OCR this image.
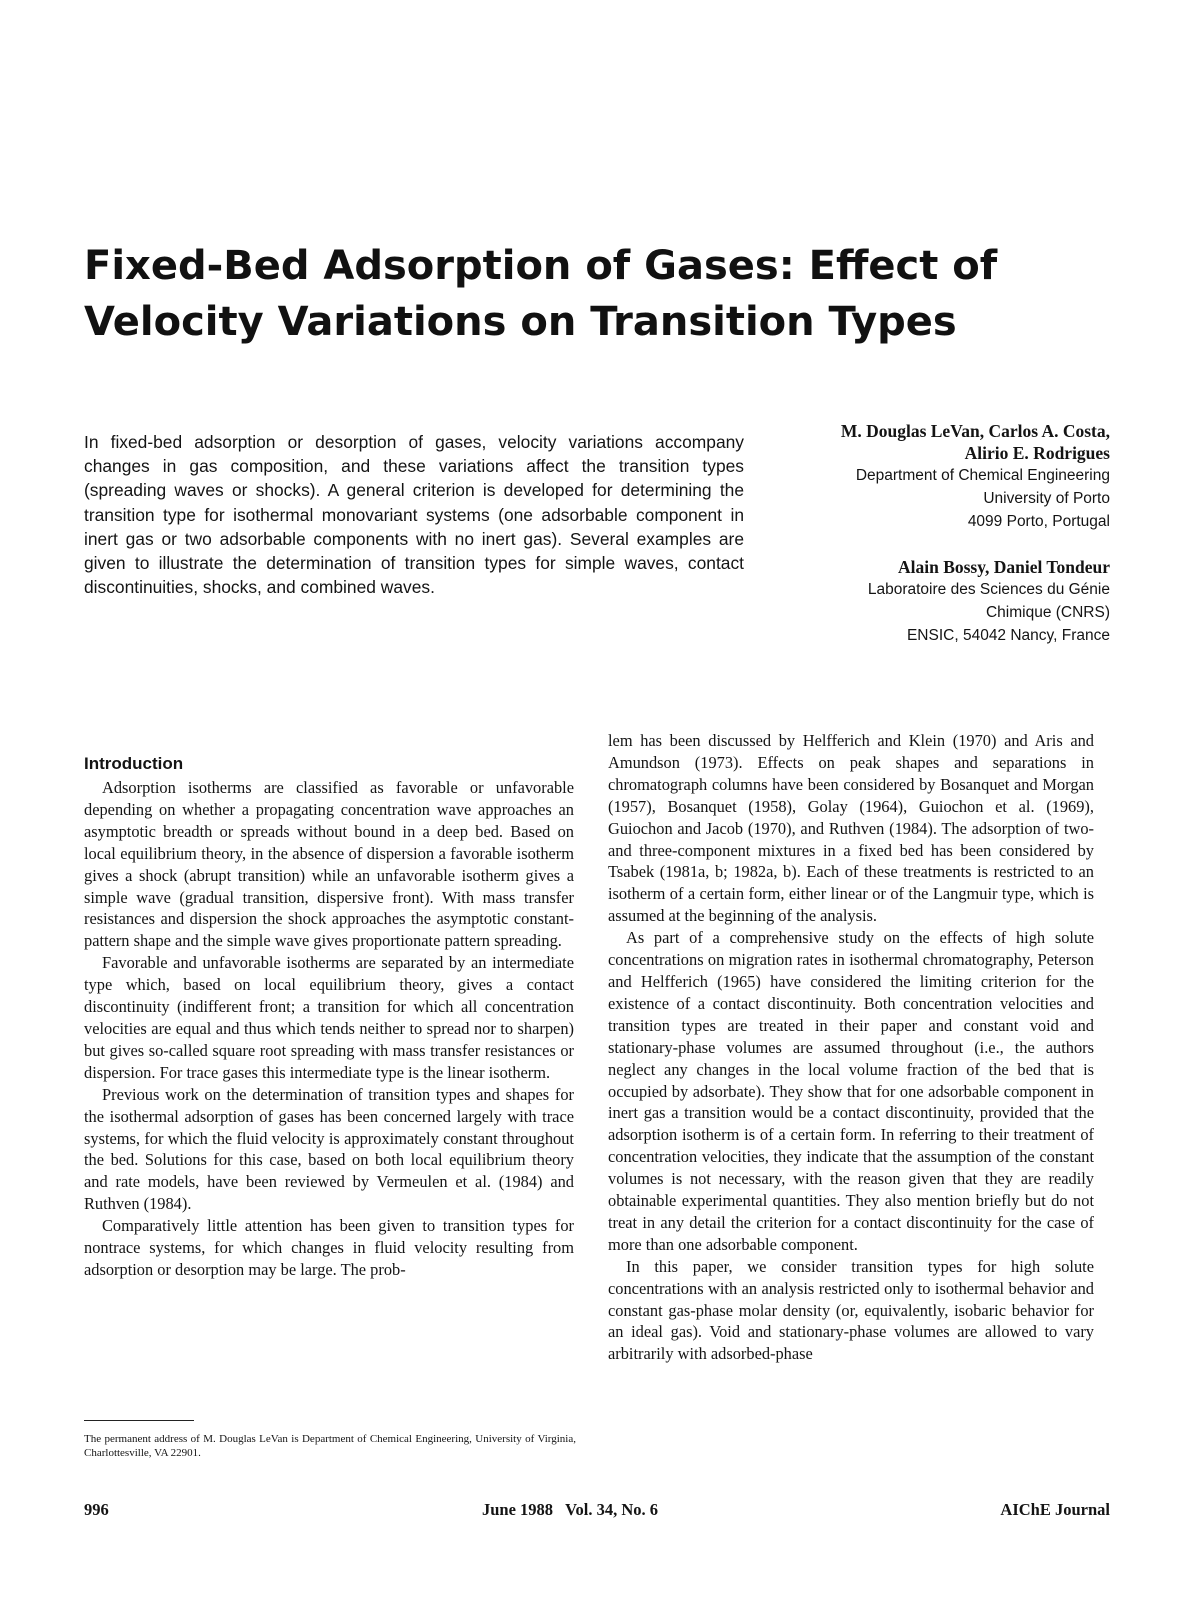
Fixed-Bed Adsorption of Gases: Effect of
Velocity Variations on Transition Types

In fixed-bed adsorption or desorption of gases, velocity variations accompany changes in gas composition, and these variations affect the transition types (spreading waves or shocks). A general criterion is developed for determining the transition type for isothermal monovariant systems (one adsorbable component in inert gas or two adsorbable components with no inert gas). Several examples are given to illustrate the determination of transition types for simple waves, contact discontinuities, shocks, and combined waves.

M. Douglas LeVan, Carlos A. Costa,
Alirio E. Rodrigues
Department of Chemical Engineering
University of Porto
4099 Porto, Portugal
Alain Bossy, Daniel Tondeur
Laboratoire des Sciences du Génie
Chimique (CNRS)
ENSIC, 54042 Nancy, France
Introduction

Adsorption isotherms are classified as favorable or unfavorable depending on whether a propagating concentration wave approaches an asymptotic breadth or spreads without bound in a deep bed. Based on local equilibrium theory, in the absence of dispersion a favorable isotherm gives a shock (abrupt transition) while an unfavorable isotherm gives a simple wave (gradual transition, dispersive front). With mass transfer resistances and dispersion the shock approaches the asymptotic constant-pattern shape and the simple wave gives proportionate pattern spreading.

Favorable and unfavorable isotherms are separated by an intermediate type which, based on local equilibrium theory, gives a contact discontinuity (indifferent front; a transition for which all concentration velocities are equal and thus which tends neither to spread nor to sharpen) but gives so-called square root spreading with mass transfer resistances or dispersion. For trace gases this intermediate type is the linear isotherm.

Previous work on the determination of transition types and shapes for the isothermal adsorption of gases has been concerned largely with trace systems, for which the fluid velocity is approximately constant throughout the bed. Solutions for this case, based on both local equilibrium theory and rate models, have been reviewed by Vermeulen et al. (1984) and Ruthven (1984).

Comparatively little attention has been given to transition types for nontrace systems, for which changes in fluid velocity resulting from adsorption or desorption may be large. The prob-

lem has been discussed by Helfferich and Klein (1970) and Aris and Amundson (1973). Effects on peak shapes and separations in chromatograph columns have been considered by Bosanquet and Morgan (1957), Bosanquet (1958), Golay (1964), Guiochon et al. (1969), Guiochon and Jacob (1970), and Ruthven (1984). The adsorption of two- and three-component mixtures in a fixed bed has been considered by Tsabek (1981a, b; 1982a, b). Each of these treatments is restricted to an isotherm of a certain form, either linear or of the Langmuir type, which is assumed at the beginning of the analysis.

As part of a comprehensive study on the effects of high solute concentrations on migration rates in isothermal chromatography, Peterson and Helfferich (1965) have considered the limiting criterion for the existence of a contact discontinuity. Both concentration velocities and transition types are treated in their paper and constant void and stationary-phase volumes are assumed throughout (i.e., the authors neglect any changes in the local volume fraction of the bed that is occupied by adsorbate). They show that for one adsorbable component in inert gas a transition would be a contact discontinuity, provided that the adsorption isotherm is of a certain form. In referring to their treatment of concentration velocities, they indicate that the assumption of the constant volumes is not necessary, with the reason given that they are readily obtainable experimental quantities. They also mention briefly but do not treat in any detail the criterion for a contact discontinuity for the case of more than one adsorbable component.

In this paper, we consider transition types for high solute concentrations with an analysis restricted only to isothermal behavior and constant gas-phase molar density (or, equivalently, isobaric behavior for an ideal gas). Void and stationary-phase volumes are allowed to vary arbitrarily with adsorbed-phase

The permanent address of M. Douglas LeVan is Department of Chemical Engineering, University of Virginia, Charlottesville, VA 22901.
996	June 1988   Vol. 34, No. 6	AIChE Journal
